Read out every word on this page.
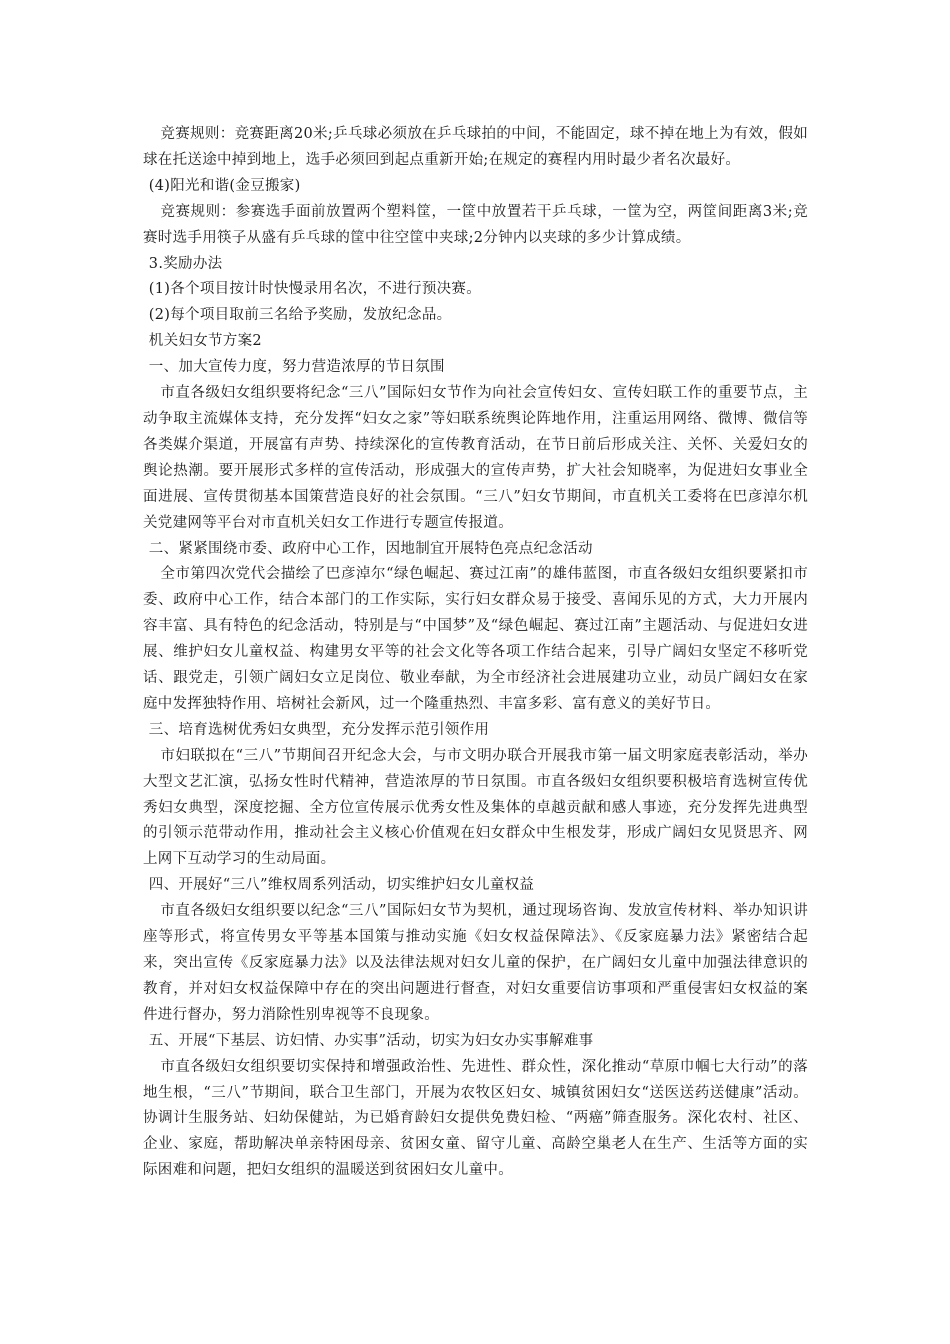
竞赛规则：竞赛距离20米;乒乓球必须放在乒乓球拍的中间，不能固定，球不掉在地上为有效，假如球在托送途中掉到地上，选手必须回到起点重新开始;在规定的赛程内用时最少者名次最好。

(4)阳光和谐(金豆搬家)

竞赛规则：参赛选手面前放置两个塑料筐，一筐中放置若干乒乓球，一筐为空，两筐间距离3米;竞赛时选手用筷子从盛有乒乓球的筐中往空筐中夹球;2分钟内以夹球的多少计算成绩。

3.奖励办法

(1)各个项目按计时快慢录用名次，不进行预决赛。

(2)每个项目取前三名给予奖励，发放纪念品。

机关妇女节方案2

一、加大宣传力度，努力营造浓厚的节日氛围

市直各级妇女组织要将纪念“三八”国际妇女节作为向社会宣传妇女、宣传妇联工作的重要节点，主动争取主流媒体支持，充分发挥“妇女之家”等妇联系统舆论阵地作用，注重运用网络、微博、微信等各类媒介渠道，开展富有声势、持续深化的宣传教育活动，在节日前后形成关注、关怀、关爱妇女的舆论热潮。要开展形式多样的宣传活动，形成强大的宣传声势，扩大社会知晓率，为促进妇女事业全面进展、宣传贯彻基本国策营造良好的社会氛围。“三八”妇女节期间，市直机关工委将在巴彦淖尔机关党建网等平台对市直机关妇女工作进行专题宣传报道。

二、紧紧围绕市委、政府中心工作，因地制宜开展特色亮点纪念活动

全市第四次党代会描绘了巴彦淖尔“绿色崛起、赛过江南”的雄伟蓝图，市直各级妇女组织要紧扣市委、政府中心工作，结合本部门的工作实际，实行妇女群众易于接受、喜闻乐见的方式，大力开展内容丰富、具有特色的纪念活动，特别是与“中国梦”及“绿色崛起、赛过江南”主题活动、与促进妇女进展、维护妇女儿童权益、构建男女平等的社会文化等各项工作结合起来，引导广阔妇女坚定不移听党话、跟党走，引领广阔妇女立足岗位、敬业奉献，为全市经济社会进展建功立业，动员广阔妇女在家庭中发挥独特作用、培树社会新风，过一个隆重热烈、丰富多彩、富有意义的美好节日。

三、培育选树优秀妇女典型，充分发挥示范引领作用

市妇联拟在“三八”节期间召开纪念大会，与市文明办联合开展我市第一届文明家庭表彰活动，举办大型文艺汇演，弘扬女性时代精神，营造浓厚的节日氛围。市直各级妇女组织要积极培育选树宣传优秀妇女典型，深度挖掘、全方位宣传展示优秀女性及集体的卓越贡献和感人事迹，充分发挥先进典型的引领示范带动作用，推动社会主义核心价值观在妇女群众中生根发芽，形成广阔妇女见贤思齐、网上网下互动学习的生动局面。

四、开展好“三八”维权周系列活动，切实维护妇女儿童权益

市直各级妇女组织要以纪念“三八”国际妇女节为契机，通过现场咨询、发放宣传材料、举办知识讲座等形式，将宣传男女平等基本国策与推动实施《妇女权益保障法》、《反家庭暴力法》紧密结合起来，突出宣传《反家庭暴力法》以及法律法规对妇女儿童的保护，在广阔妇女儿童中加强法律意识的教育，并对妇女权益保障中存在的突出问题进行督查，对妇女重要信访事项和严重侵害妇女权益的案件进行督办，努力消除性别卑视等不良现象。

五、开展“下基层、访妇情、办实事”活动，切实为妇女办实事解难事

市直各级妇女组织要切实保持和增强政治性、先进性、群众性，深化推动“草原巾帼七大行动”的落地生根，“三八”节期间，联合卫生部门，开展为农牧区妇女、城镇贫困妇女“送医送药送健康”活动。协调计生服务站、妇幼保健站，为已婚育龄妇女提供免费妇检、“两癌”筛查服务。深化农村、社区、企业、家庭，帮助解决单亲特困母亲、贫困女童、留守儿童、高龄空巢老人在生产、生活等方面的实际困难和问题，把妇女组织的温暖送到贫困妇女儿童中。
